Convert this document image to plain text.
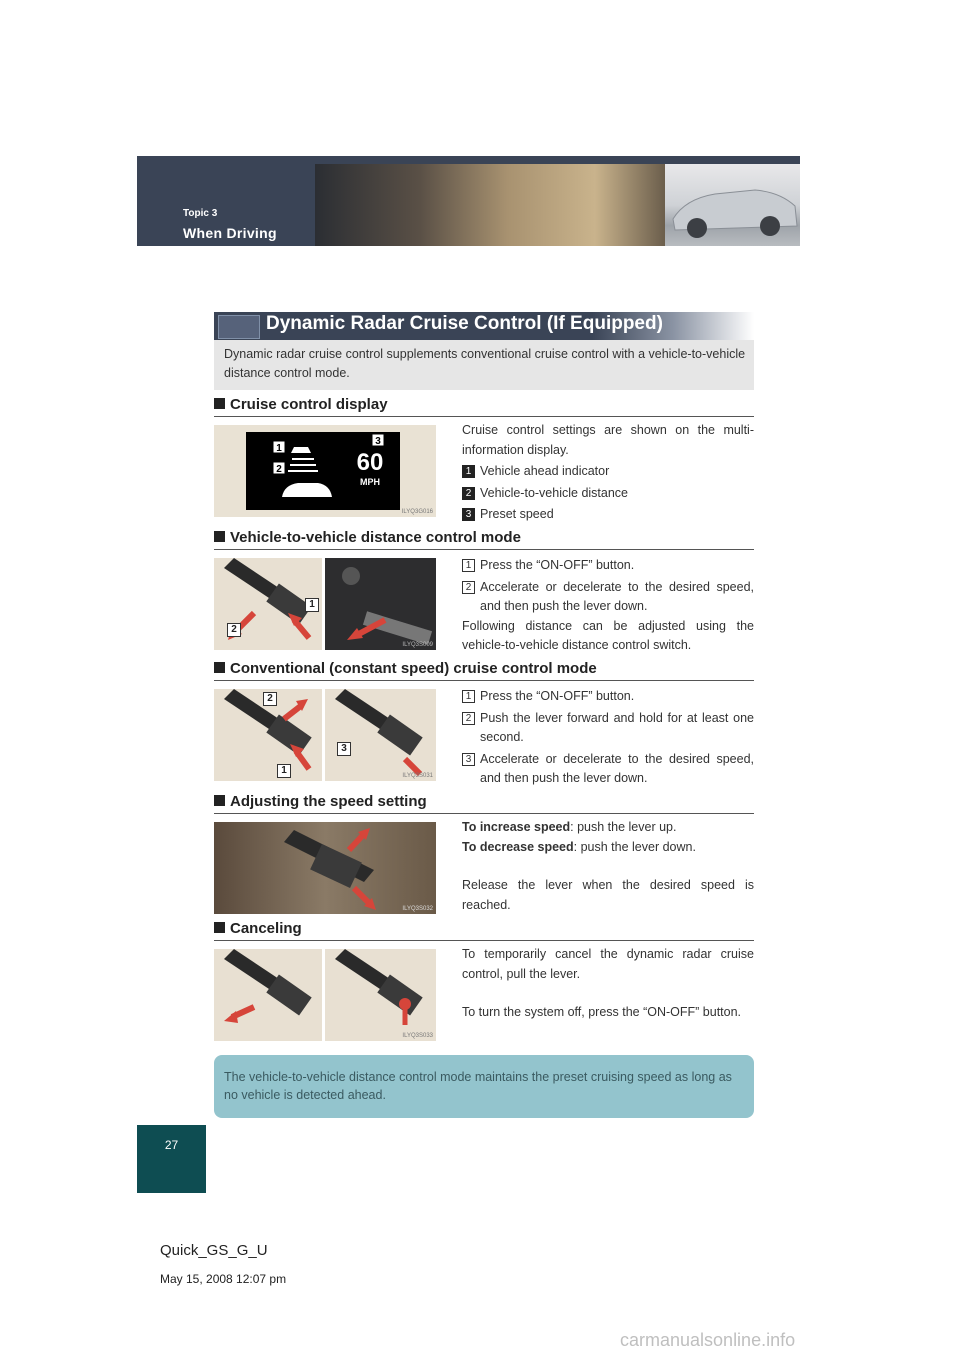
Topic 3
When Driving
Dynamic Radar Cruise Control (If Equipped)
Dynamic radar cruise control supplements conventional cruise control with a vehicle-to-vehicle distance control mode.
Cruise control display
1
2
3
60
MPH
ILYQ3G016
Cruise control settings are shown on the multi-information display.
1 Vehicle ahead indicator
2 Vehicle-to-vehicle distance
3 Preset speed
Vehicle-to-vehicle distance control mode
2
1
ILYQ3S009
1 Press the “ON-OFF” button.
2 Accelerate or decelerate to the desired speed, and then push the lever down.
Following distance can be adjusted using the vehicle-to-vehicle distance control switch.
Conventional (constant speed) cruise control mode
2
1
3
ILYQ3S031
1 Press the “ON-OFF” button.
2 Push the lever forward and hold for at least one second.
3 Accelerate or decelerate to the desired speed, and then push the lever down.
Adjusting the speed setting
ILYQ3S032
To increase speed: push the lever up.
To decrease speed: push the lever down.
Release the lever when the desired speed is reached.
Canceling
ILYQ3S033
To temporarily cancel the dynamic radar cruise control, pull the lever.
To turn the system off, press the “ON-OFF” button.
The vehicle-to-vehicle distance control mode maintains the preset cruising speed as long as no vehicle is detected ahead.
27
Quick_GS_G_U
May 15, 2008 12:07 pm
carmanualsonline.info
